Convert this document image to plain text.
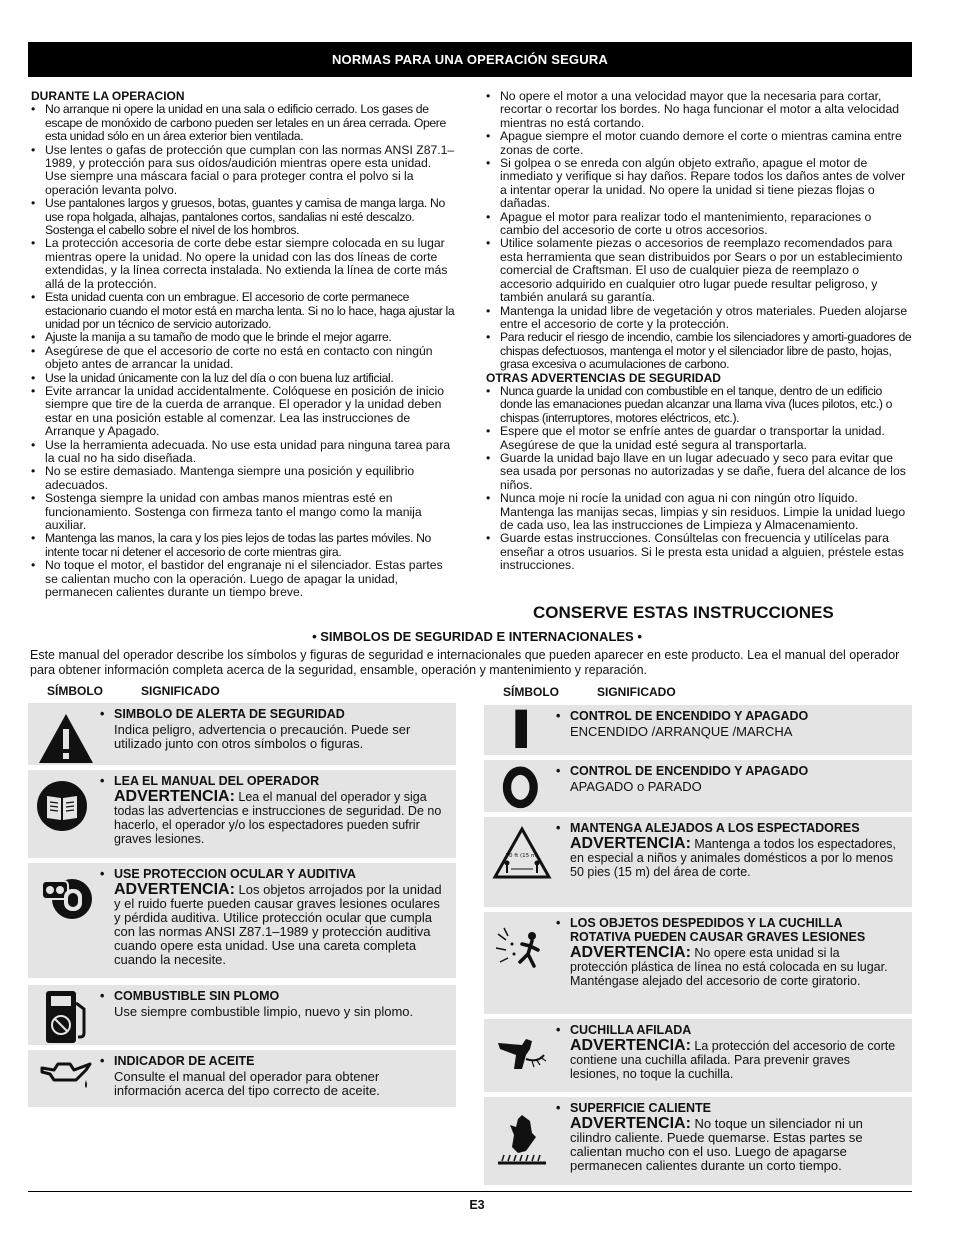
NORMAS PARA UNA OPERACIÓN SEGURA

DURANTE LA OPERACION

• No arranque ni opere la unidad en una sala o edificio cerrado. Los gases de escape de monóxido de carbono pueden ser letales en un área cerrada. Opere esta unidad sólo en un área exterior bien ventilada.
• Use lentes o gafas de protección que cumplan con las normas ANSI Z87.1–1989, y protección para sus oídos/audición mientras opere esta unidad. Use siempre una máscara facial o para proteger contra el polvo si la operación levanta polvo.
• Use pantalones largos y gruesos, botas, guantes y camisa de manga larga. No use ropa holgada, alhajas, pantalones cortos, sandalias ni esté descalzo. Sostenga el cabello sobre el nivel de los hombros.
• La protección accesoria de corte debe estar siempre colocada en su lugar mientras opere la unidad. No opere la unidad con las dos líneas de corte extendidas, y la línea correcta instalada. No extienda la línea de corte más allá de la protección.
• Esta unidad cuenta con un embrague. El accesorio de corte permanece estacionario cuando el motor está en marcha lenta. Si no lo hace, haga ajustar la unidad por un técnico de servicio autorizado.
• Ajuste la manija a su tamaño de modo que le brinde el mejor agarre.
• Asegúrese de que el accesorio de corte no está en contacto con ningún objeto antes de arrancar la unidad.
• Use la unidad únicamente con la luz del día o con buena luz artificial.
• Evite arrancar la unidad accidentalmente. Colóquese en posición de inicio siempre que tire de la cuerda de arranque. El operador y la unidad deben estar en una posición estable al comenzar. Lea las instrucciones de Arranque y Apagado.
• Use la herramienta adecuada. No use esta unidad para ninguna tarea para la cual no ha sido diseñada.
• No se estire demasiado. Mantenga siempre una posición y equilibrio adecuados.
• Sostenga siempre la unidad con ambas manos mientras esté en funcionamiento. Sostenga con firmeza tanto el mango como la manija auxiliar.
• Mantenga las manos, la cara y los pies lejos de todas las partes móviles. No intente tocar ni detener el accesorio de corte mientras gira.
• No toque el motor, el bastidor del engranaje ni el silenciador. Estas partes se calientan mucho con la operación. Luego de apagar la unidad, permanecen calientes durante un tiempo breve.
• No opere el motor a una velocidad mayor que la necesaria para cortar, recortar o recortar los bordes. No haga funcionar el motor a alta velocidad mientras no está cortando.
• Apague siempre el motor cuando demore el corte o mientras camina entre zonas de corte.
• Si golpea o se enreda con algún objeto extraño, apague el motor de inmediato y verifique si hay daños. Repare todos los daños antes de volver a intentar operar la unidad. No opere la unidad si tiene piezas flojas o dañadas.
• Apague el motor para realizar todo el mantenimiento, reparaciones o cambio del accesorio de corte u otros accesorios.
• Utilice solamente piezas o accesorios de reemplazo recomendados para esta herramienta que sean distribuidos por Sears o por un establecimiento comercial de Craftsman. El uso de cualquier pieza de reemplazo o accesorio adquirido en cualquier otro lugar puede resultar peligroso, y también anulará su garantía.
• Mantenga la unidad libre de vegetación y otros materiales. Pueden alojarse entre el accesorio de corte y la protección.
• Para reducir el riesgo de incendio, cambie los silenciadores y amorti-guadores de chispas defectuosos, mantenga el motor y el silenciador libre de pasto, hojas, grasa excesiva o acumulaciones de carbono.

OTRAS ADVERTENCIAS DE SEGURIDAD

• Nunca guarde la unidad con combustible en el tanque, dentro de un edificio donde las emanaciones puedan alcanzar una llama viva (luces pilotos, etc.) o chispas (interruptores, motores eléctricos, etc.).
• Espere que el motor se enfríe antes de guardar o transportar la unidad. Asegúrese de que la unidad esté segura al transportarla.
• Guarde la unidad bajo llave en un lugar adecuado y seco para evitar que sea usada por personas no autorizadas y se dañe, fuera del alcance de los niños.
• Nunca moje ni rocíe la unidad con agua ni con ningún otro líquido. Mantenga las manijas secas, limpias y sin residuos. Limpie la unidad luego de cada uso, lea las instrucciones de Limpieza y Almacenamiento.
• Guarde estas instrucciones. Consúltelas con frecuencia y utilícelas para enseñar a otros usuarios. Si le presta esta unidad a alguien, préstele estas instrucciones.
CONSERVE ESTAS INSTRUCCIONES
• SIMBOLOS DE SEGURIDAD E INTERNACIONALES •
Este manual del operador describe los símbolos y figuras de seguridad e internacionales que pueden aparecer en este producto. Lea el manual del operador para obtener información completa acerca de la seguridad, ensamble, operación y mantenimiento y reparación.
SÍMBOLO	SIGNIFICADO	SÍMBOLO	SIGNIFICADO
• SIMBOLO DE ALERTA DE SEGURIDAD
Indica peligro, advertencia o precaución. Puede ser utilizado junto con otros símbolos o figuras.
• LEA EL MANUAL DEL OPERADOR
ADVERTENCIA: Lea el manual del operador y siga todas las advertencias e instrucciones de seguridad. De no hacerlo, el operador y/o los espectadores pueden sufrir graves lesiones.
• USE PROTECCION OCULAR Y AUDITIVA
ADVERTENCIA: Los objetos arrojados por la unidad y el ruido fuerte pueden causar graves lesiones oculares y pérdida auditiva. Utilice protección ocular que cumpla con las normas ANSI Z87.1–1989 y protección auditiva cuando opere esta unidad. Use una careta completa cuando la necesite.
• COMBUSTIBLE SIN PLOMO
Use siempre combustible limpio, nuevo y sin plomo.
• INDICADOR DE ACEITE
Consulte el manual del operador para obtener información acerca del tipo correcto de aceite.
• CONTROL DE ENCENDIDO Y APAGADO
ENCENDIDO /ARRANQUE /MARCHA
• CONTROL DE ENCENDIDO Y APAGADO
APAGADO o PARADO
50 ft (15 m)
• MANTENGA ALEJADOS A LOS ESPECTADORES
ADVERTENCIA: Mantenga a todos los espectadores, en especial a niños y animales domésticos a por lo menos 50 pies (15 m) del área de corte.
• LOS OBJETOS DESPEDIDOS Y LA CUCHILLA ROTATIVA PUEDEN CAUSAR GRAVES LESIONES
ADVERTENCIA: No opere esta unidad si la protección plástica de línea no está colocada en su lugar. Manténgase alejado del accesorio de corte giratorio.
• CUCHILLA AFILADA
ADVERTENCIA: La protección del accesorio de corte contiene una cuchilla afilada. Para prevenir graves lesiones, no toque la cuchilla.
• SUPERFICIE CALIENTE
ADVERTENCIA: No toque un silenciador ni un cilindro caliente. Puede quemarse. Estas partes se calientan mucho con el uso. Luego de apagarse permanecen calientes durante un corto tiempo.
E3
